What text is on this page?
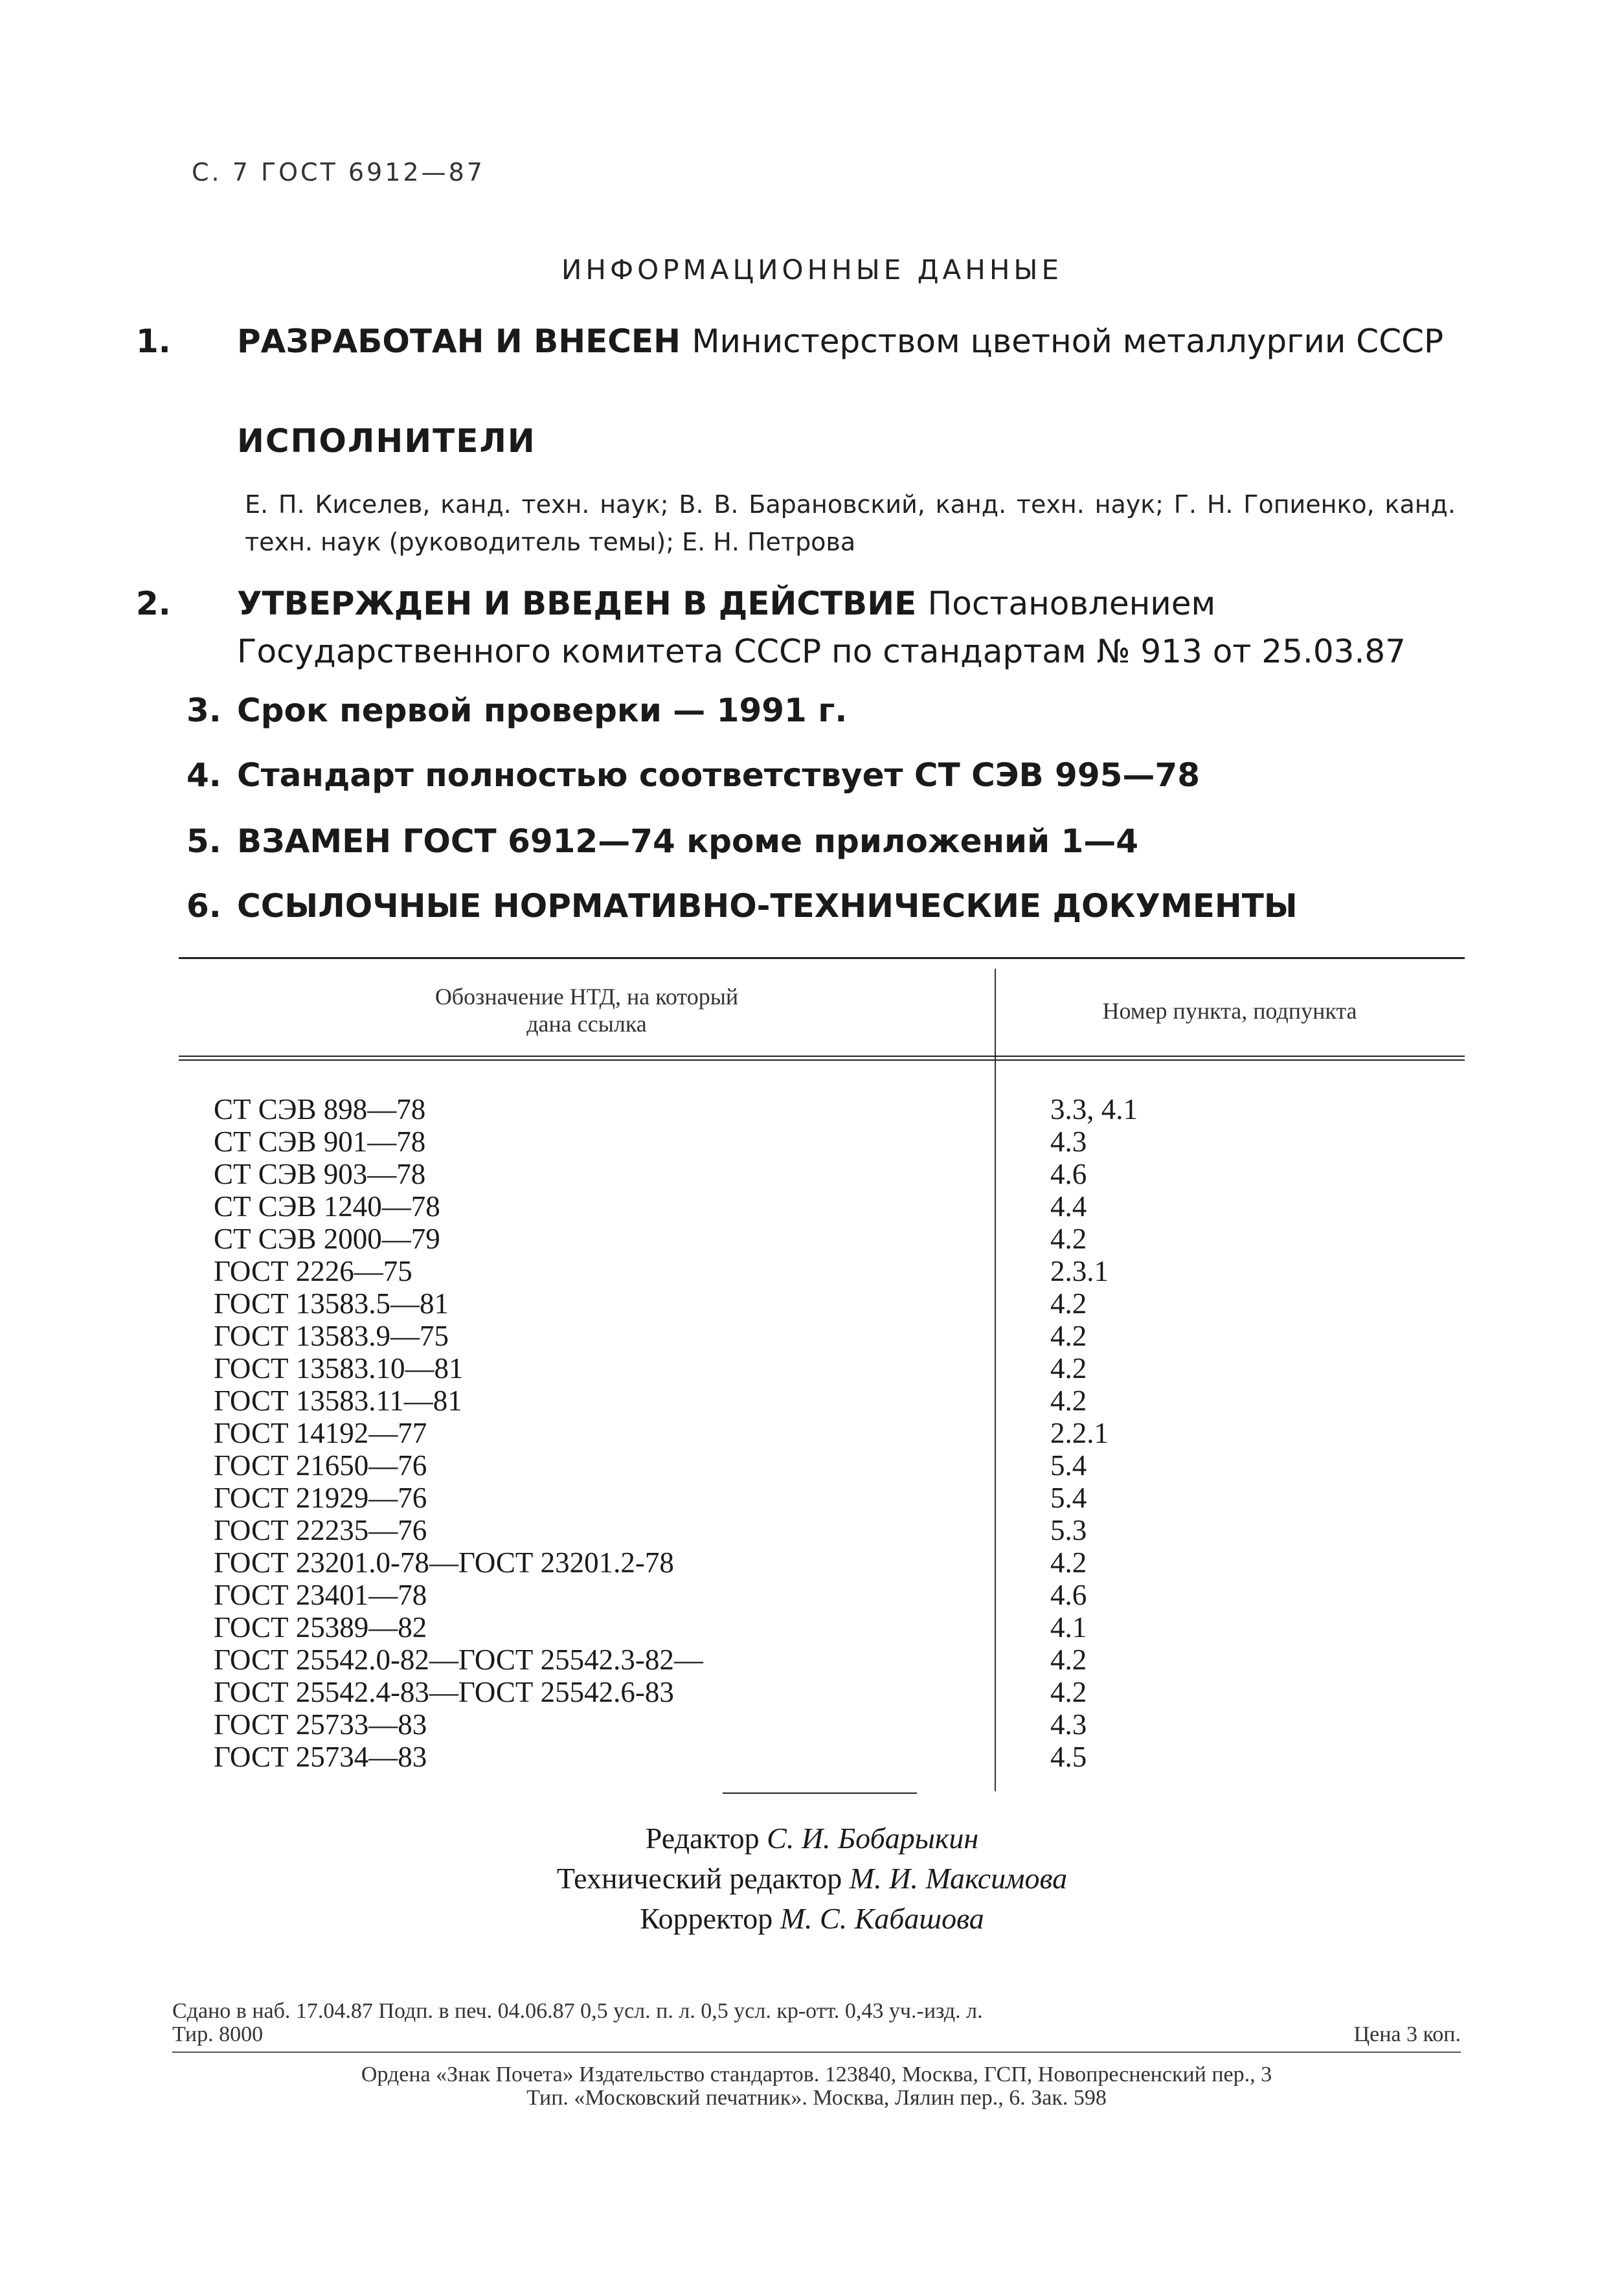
С. 7 ГОСТ 6912—87
ИНФОРМАЦИОННЫЕ ДАННЫЕ
1. РАЗРАБОТАН И ВНЕСЕН Министерством цветной металлургии СССР
ИСПОЛНИТЕЛИ
Е. П. Киселев, канд. техн. наук; В. В. Барановский, канд. техн. наук; Г. Н. Гопиенко, канд. техн. наук (руководитель темы); Е. Н. Петрова
2. УТВЕРЖДЕН И ВВЕДЕН В ДЕЙСТВИЕ Постановлением Государственного комитета СССР по стандартам № 913 от 25.03.87
3. Срок первой проверки — 1991 г.
4. Стандарт полностью соответствует СТ СЭВ 995—78
5. ВЗАМЕН ГОСТ 6912—74 кроме приложений 1—4
6. ССЫЛОЧНЫЕ НОРМАТИВНО-ТЕХНИЧЕСКИЕ ДОКУМЕНТЫ
Обозначение НТД, на который дана ссылка	Номер пункта, подпункта
СТ СЭВ 898—78
СТ СЭВ 901—78
СТ СЭВ 903—78
СТ СЭВ 1240—78
СТ СЭВ 2000—79
ГОСТ 2226—75
ГОСТ 13583.5—81
ГОСТ 13583.9—75
ГОСТ 13583.10—81
ГОСТ 13583.11—81
ГОСТ 14192—77
ГОСТ 21650—76
ГОСТ 21929—76
ГОСТ 22235—76
ГОСТ 23201.0-78—ГОСТ 23201.2-78
ГОСТ 23401—78
ГОСТ 25389—82
ГОСТ 25542.0-82—ГОСТ 25542.3-82—
ГОСТ 25542.4-83—ГОСТ 25542.6-83
ГОСТ 25733—83
ГОСТ 25734—83
3.3, 4.1
4.3
4.6
4.4
4.2
2.3.1
4.2
4.2
4.2
4.2
2.2.1
5.4
5.4
5.3
4.2
4.6
4.1
4.2
4.2
4.3
4.5
Редактор С. И. Бобарыкин
Технический редактор М. И. Максимова
Корректор М. С. Кабашова
Сдано в наб. 17.04.87 Подп. в печ. 04.06.87 0,5 усл. п. л. 0,5 усл. кр-отт. 0,43 уч.-изд. л.
Тир. 8000	Цена 3 коп.
Ордена «Знак Почета» Издательство стандартов. 123840, Москва, ГСП, Новопресненский пер., 3
Тип. «Московский печатник». Москва, Лялин пер., 6. Зак. 598
